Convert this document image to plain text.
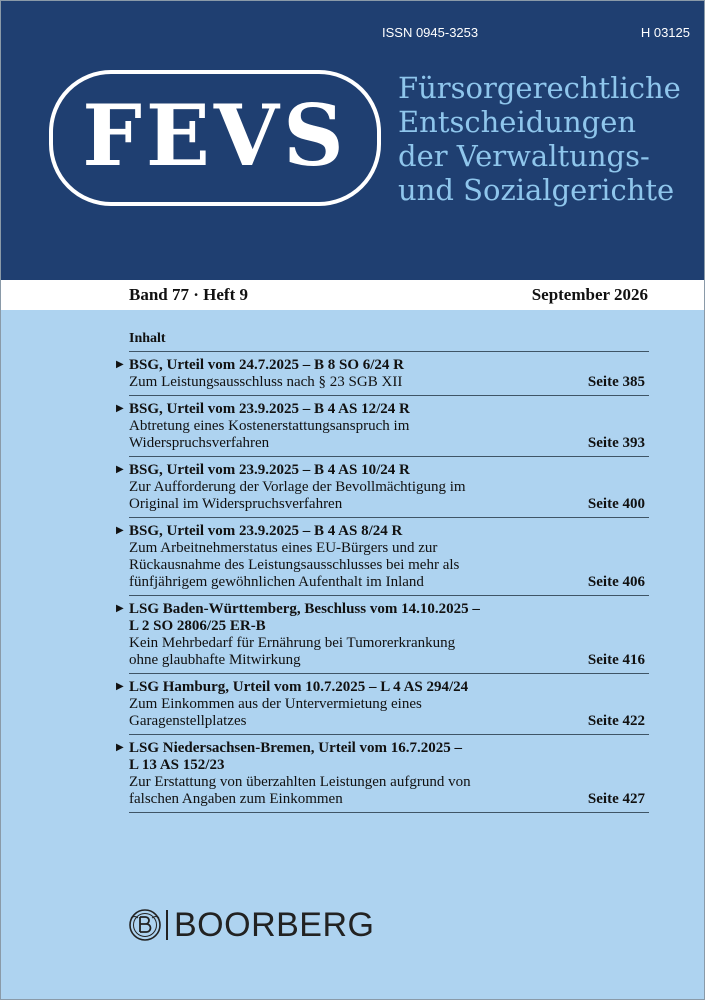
ISSN 0945-3253	H 03125
FEVS Fürsorgerechtliche
Entscheidungen
der Verwaltungs-
und Sozialgerichte
Band 77 · Heft 9	September 2026
Inhalt
▶ BSG, Urteil vom 24.7.2025 – B 8 SO 6/24 R
Zum Leistungsausschluss nach § 23 SGB XII	Seite 385
▶ BSG, Urteil vom 23.9.2025 – B 4 AS 12/24 R
Abtretung eines Kostenerstattungsanspruch im
Widerspruchsverfahren	Seite 393
▶ BSG, Urteil vom 23.9.2025 – B 4 AS 10/24 R
Zur Aufforderung der Vorlage der Bevollmächtigung im
Original im Widerspruchsverfahren	Seite 400
▶ BSG, Urteil vom 23.9.2025 – B 4 AS 8/24 R
Zum Arbeitnehmerstatus eines EU-Bürgers und zur
Rückausnahme des Leistungsausschlusses bei mehr als
fünfjährigem gewöhnlichen Aufenthalt im Inland	Seite 406
▶ LSG Baden-Württemberg, Beschluss vom 14.10.2025 –
L 2 SO 2806/25 ER-B
Kein Mehrbedarf für Ernährung bei Tumorerkrankung
ohne glaubhafte Mitwirkung	Seite 416
▶ LSG Hamburg, Urteil vom 10.7.2025 – L 4 AS 294/24
Zum Einkommen aus der Untervermietung eines
Garagenstellplatzes	Seite 422
▶ LSG Niedersachsen-Bremen, Urteil vom 16.7.2025 –
L 13 AS 152/23
Zur Erstattung von überzahlten Leistungen aufgrund von
falschen Angaben zum Einkommen	Seite 427
BOORBERG
